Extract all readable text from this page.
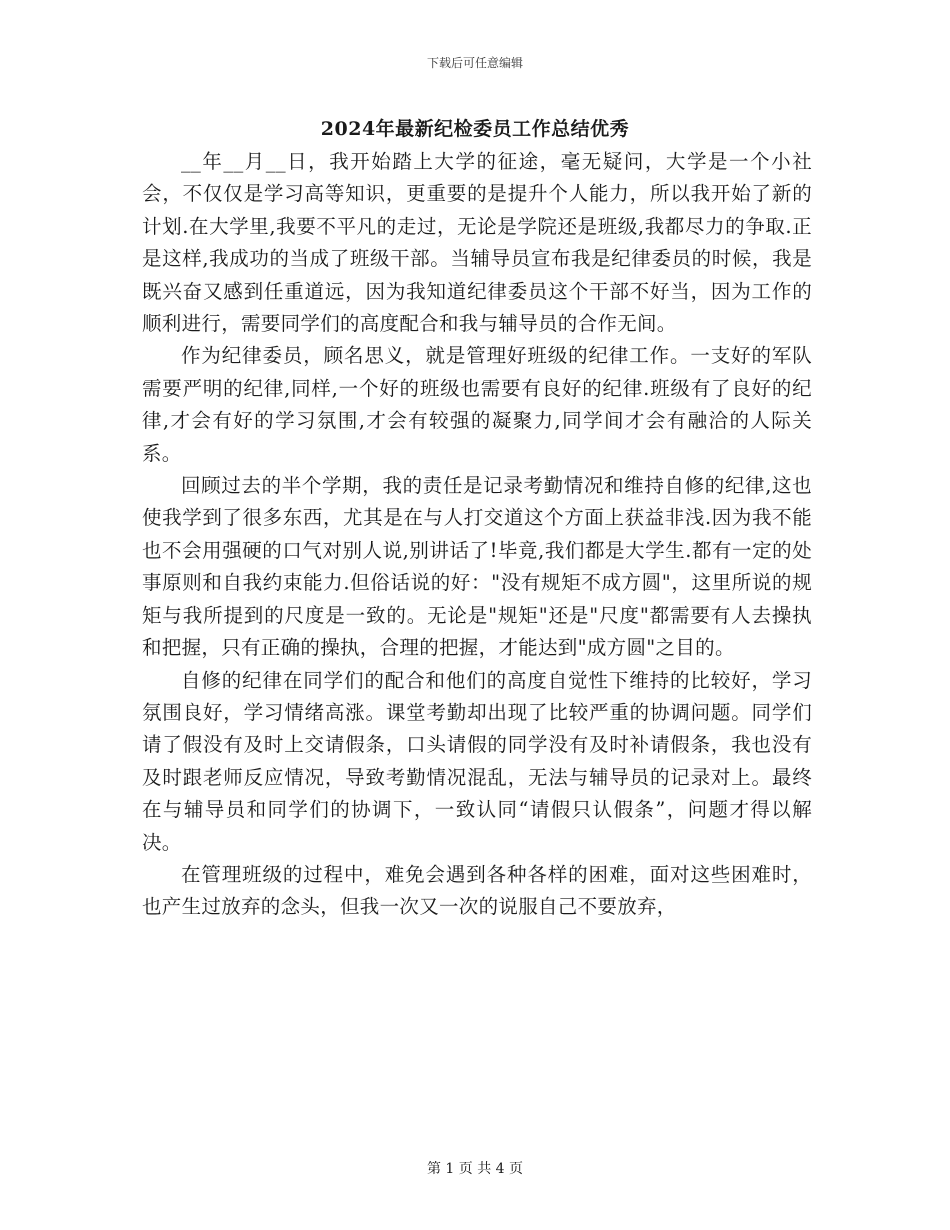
下载后可任意编辑
2024年最新纪检委员工作总结优秀

__年__月__日，我开始踏上大学的征途，毫无疑问，大学是一个小社会，不仅仅是学习高等知识，更重要的是提升个人能力，所以我开始了新的计划.在大学里,我要不平凡的走过，无论是学院还是班级,我都尽力的争取.正是这样,我成功的当成了班级干部。当辅导员宣布我是纪律委员的时候，我是既兴奋又感到任重道远，因为我知道纪律委员这个干部不好当，因为工作的顺利进行，需要同学们的高度配合和我与辅导员的合作无间。

作为纪律委员，顾名思义，就是管理好班级的纪律工作。一支好的军队需要严明的纪律,同样,一个好的班级也需要有良好的纪律.班级有了良好的纪律,才会有好的学习氛围,才会有较强的凝聚力,同学间才会有融洽的人际关系。

回顾过去的半个学期，我的责任是记录考勤情况和维持自修的纪律,这也使我学到了很多东西，尤其是在与人打交道这个方面上获益非浅.因为我不能也不会用强硬的口气对别人说,别讲话了!毕竟,我们都是大学生.都有一定的处事原则和自我约束能力.但俗话说的好："没有规矩不成方圆"，这里所说的规矩与我所提到的尺度是一致的。无论是"规矩"还是"尺度"都需要有人去操执和把握，只有正确的操执，合理的把握，才能达到"成方圆"之目的。

自修的纪律在同学们的配合和他们的高度自觉性下维持的比较好，学习氛围良好，学习情绪高涨。课堂考勤却出现了比较严重的协调问题。同学们请了假没有及时上交请假条，口头请假的同学没有及时补请假条，我也没有及时跟老师反应情况，导致考勤情况混乱，无法与辅导员的记录对上。最终在与辅导员和同学们的协调下，一致认同“请假只认假条”，问题才得以解决。

在管理班级的过程中，难免会遇到各种各样的困难，面对这些困难时，也产生过放弃的念头，但我一次又一次的说服自己不要放弃，

第 1 页 共 4 页
